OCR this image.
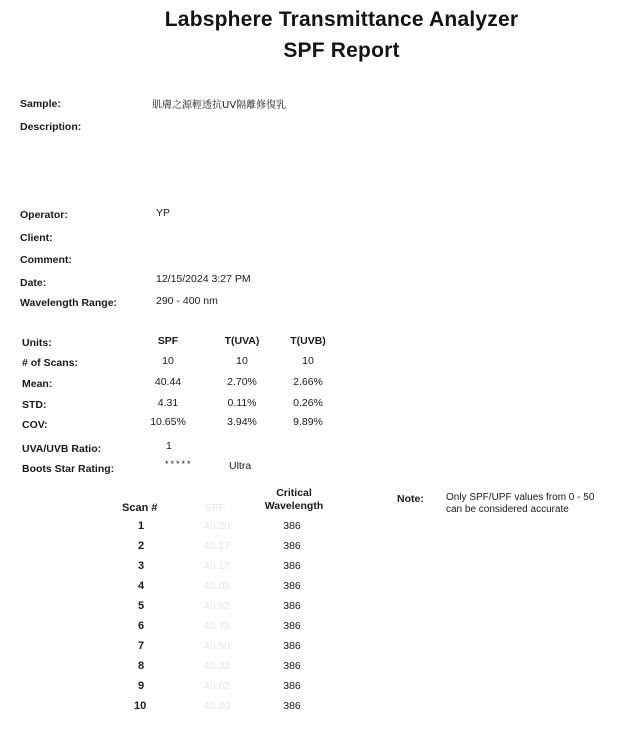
Labsphere Transmittance Analyzer
SPF Report
Sample:	肌膚之源輕透抗UV隔離修復乳
Description:
Operator:	YP
Client:
Comment:
Date:	12/15/2024 3:27 PM
Wavelength Range:	290 - 400 nm
Units:	SPF	T(UVA)	T(UVB)
# of Scans:	10	10	10
Mean:	40.44	2.70%	2.66%
STD:	4.31	0.11%	0.26%
COV:	10.65%	3.94%	9.89%
UVA/UVB Ratio:	1
Boots Star Rating:	*****	Ultra
Scan #	SPF
Critical
Wavelength
1	40.20	386
2	40.17	386
3	40.17	386
4	40.05	386
5	40.82	386
6	40.75	386
7	40.50	386
8	40.32	386
9	40.62	386
10	40.80	386
Note: Only SPF/UPF values from 0 - 50 can be considered accurate
